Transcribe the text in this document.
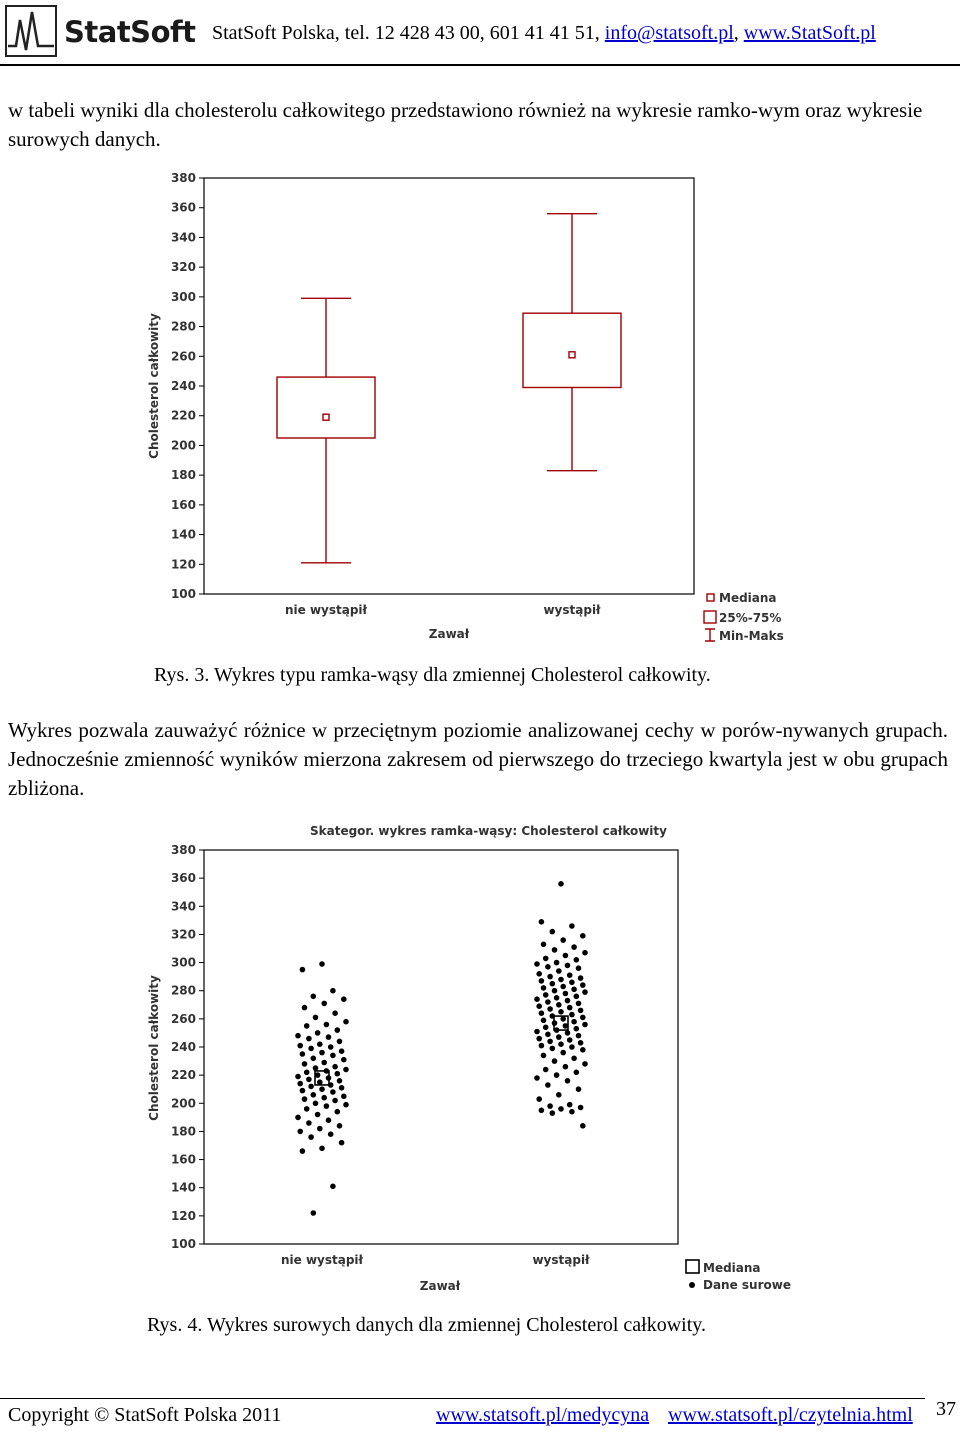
StatSoft StatSoft Polska, tel. 12 428 43 00, 601 41 41 51, info@statsoft.pl, www.StatSoft.pl
w tabeli wyniki dla cholesterolu całkowitego przedstawiono również na wykresie ramko-wym oraz wykresie surowych danych.
100
120
140
160
180
200
220
240
260
280
300
320
340
360
380
Cholesterol całkowity
nie wystąpił	wystąpił
Zawał
Mediana
25%-75%
Min-Maks
Rys. 3. Wykres typu ramka-wąsy dla zmiennej Cholesterol całkowity.
Wykres pozwala zauważyć różnice w przeciętnym poziomie analizowanej cechy w porów-nywanych grupach. Jednocześnie zmienność wyników mierzona zakresem od pierwszego do trzeciego kwartyla jest w obu grupach zbliżona.
Skategor. wykres ramka-wąsy: Cholesterol całkowity
100
120
140
160
180
200
220
240
260
280
300
320
340
360
380
Cholesterol całkowity
nie wystąpił	wystąpił
Zawał
Mediana
Dane surowe
Rys. 4. Wykres surowych danych dla zmiennej Cholesterol całkowity.
Copyright © StatSoft Polska 2011	www.statsoft.pl/medycyna www.statsoft.pl/czytelnia.html 37
